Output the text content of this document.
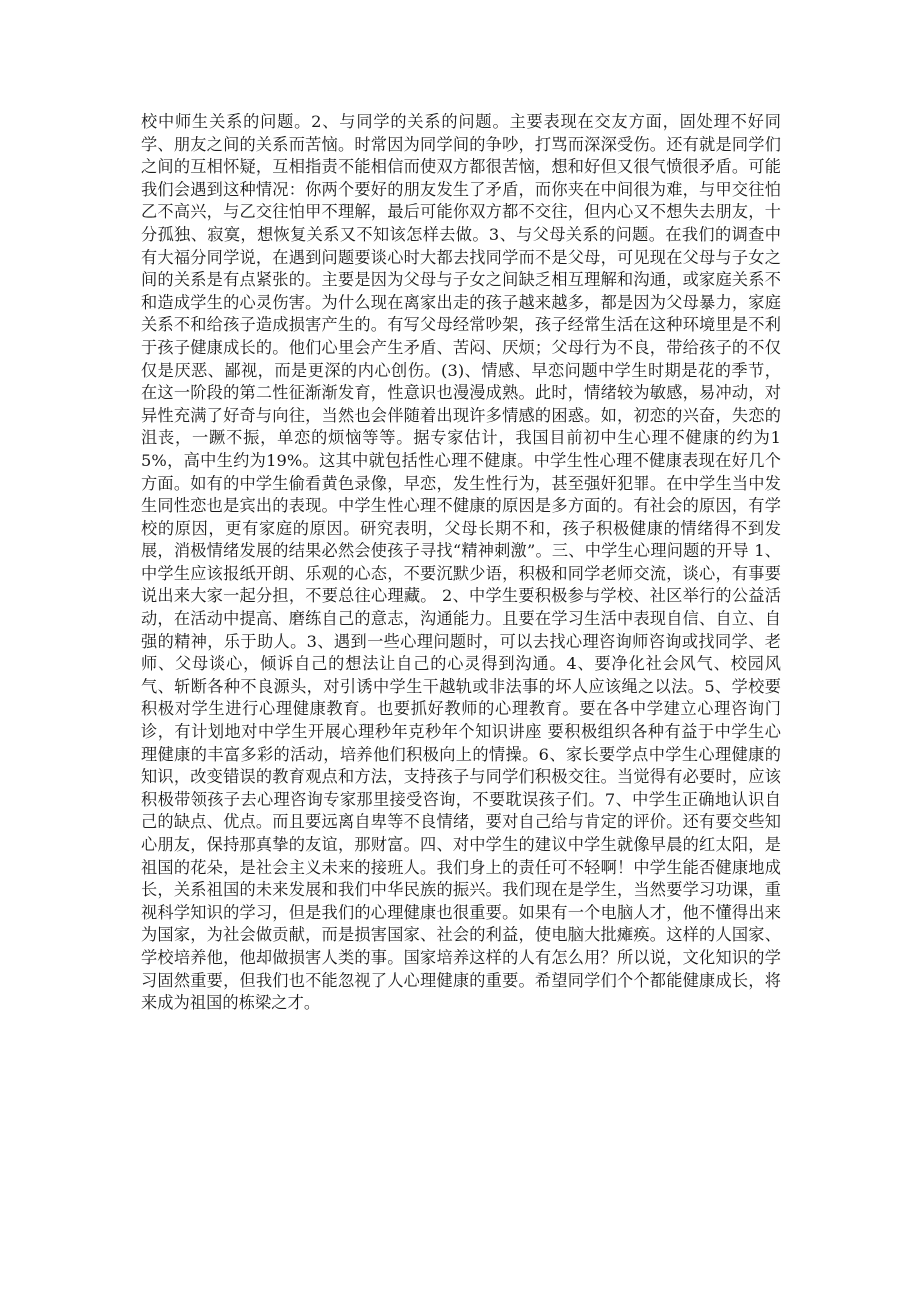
校中师生关系的问题。2、与同学的关系的问题。主要表现在交友方面，固处理不好同学、朋友之间的关系而苦恼。时常因为同学间的争吵，打骂而深深受伤。还有就是同学们之间的互相怀疑，互相指责不能相信而使双方都很苦恼，想和好但又很气愤很矛盾。可能我们会遇到这种情况：你两个要好的朋友发生了矛盾，而你夹在中间很为难，与甲交往怕乙不高兴，与乙交往怕甲不理解，最后可能你双方都不交往，但内心又不想失去朋友，十分孤独、寂寞，想恢复关系又不知该怎样去做。3、与父母关系的问题。在我们的调查中有大福分同学说，在遇到问题要谈心时大都去找同学而不是父母，可见现在父母与子女之间的关系是有点紧张的。主要是因为父母与子女之间缺乏相互理解和沟通，或家庭关系不和造成学生的心灵伤害。为什么现在离家出走的孩子越来越多，都是因为父母暴力，家庭关系不和给孩子造成损害产生的。有写父母经常吵架，孩子经常生活在这种环境里是不利于孩子健康成长的。他们心里会产生矛盾、苦闷、厌烦；父母行为不良，带给孩子的不仅仅是厌恶、鄙视，而是更深的内心创伤。(3)、情感、早恋问题中学生时期是花的季节，在这一阶段的第二性征渐渐发育，性意识也漫漫成熟。此时，情绪较为敏感，易冲动，对异性充满了好奇与向往，当然也会伴随着出现许多情感的困惑。如，初恋的兴奋，失恋的沮丧，一蹶不振，单恋的烦恼等等。据专家估计，我国目前初中生心理不健康的约为15%，高中生约为19%。这其中就包括性心理不健康。中学生性心理不健康表现在好几个方面。如有的中学生偷看黄色录像，早恋，发生性行为，甚至强奸犯罪。在中学生当中发生同性恋也是宾出的表现。中学生性心理不健康的原因是多方面的。有社会的原因，有学校的原因，更有家庭的原因。研究表明，父母长期不和，孩子积极健康的情绪得不到发展，消极情绪发展的结果必然会使孩子寻找“精神刺激”。三、中学生心理问题的开导 1、中学生应该报纸开朗、乐观的心态，不要沉默少语，积极和同学老师交流，谈心，有事要说出来大家一起分担，不要总往心理藏。 2、中学生要积极参与学校、社区举行的公益活动，在活动中提高、磨练自己的意志，沟通能力。且要在学习生活中表现自信、自立、自强的精神，乐于助人。3、遇到一些心理问题时，可以去找心理咨询师咨询或找同学、老师、父母谈心，倾诉自己的想法让自己的心灵得到沟通。4、要净化社会风气、校园风气、斩断各种不良源头，对引诱中学生干越轨或非法事的坏人应该绳之以法。5、学校要积极对学生进行心理健康教育。也要抓好教师的心理教育。要在各中学建立心理咨询门诊，有计划地对中学生开展心理秒年克秒年个知识讲座 要积极组织各种有益于中学生心理健康的丰富多彩的活动，培养他们积极向上的情操。6、家长要学点中学生心理健康的知识，改变错误的教育观点和方法，支持孩子与同学们积极交往。当觉得有必要时，应该积极带领孩子去心理咨询专家那里接受咨询，不要耽误孩子们。7、中学生正确地认识自己的缺点、优点。而且要远离自卑等不良情绪，要对自己给与肯定的评价。还有要交些知心朋友，保持那真挚的友谊，那财富。四、对中学生的建议中学生就像早晨的红太阳，是祖国的花朵，是社会主义未来的接班人。我们身上的责任可不轻啊！中学生能否健康地成长，关系祖国的未来发展和我们中华民族的振兴。我们现在是学生，当然要学习功课，重视科学知识的学习，但是我们的心理健康也很重要。如果有一个电脑人才，他不懂得出来为国家，为社会做贡献，而是损害国家、社会的利益，使电脑大批瘫痪。这样的人国家、学校培养他，他却做损害人类的事。国家培养这样的人有怎么用？所以说，文化知识的学习固然重要，但我们也不能忽视了人心理健康的重要。希望同学们个个都能健康成长，将来成为祖国的栋梁之才。
